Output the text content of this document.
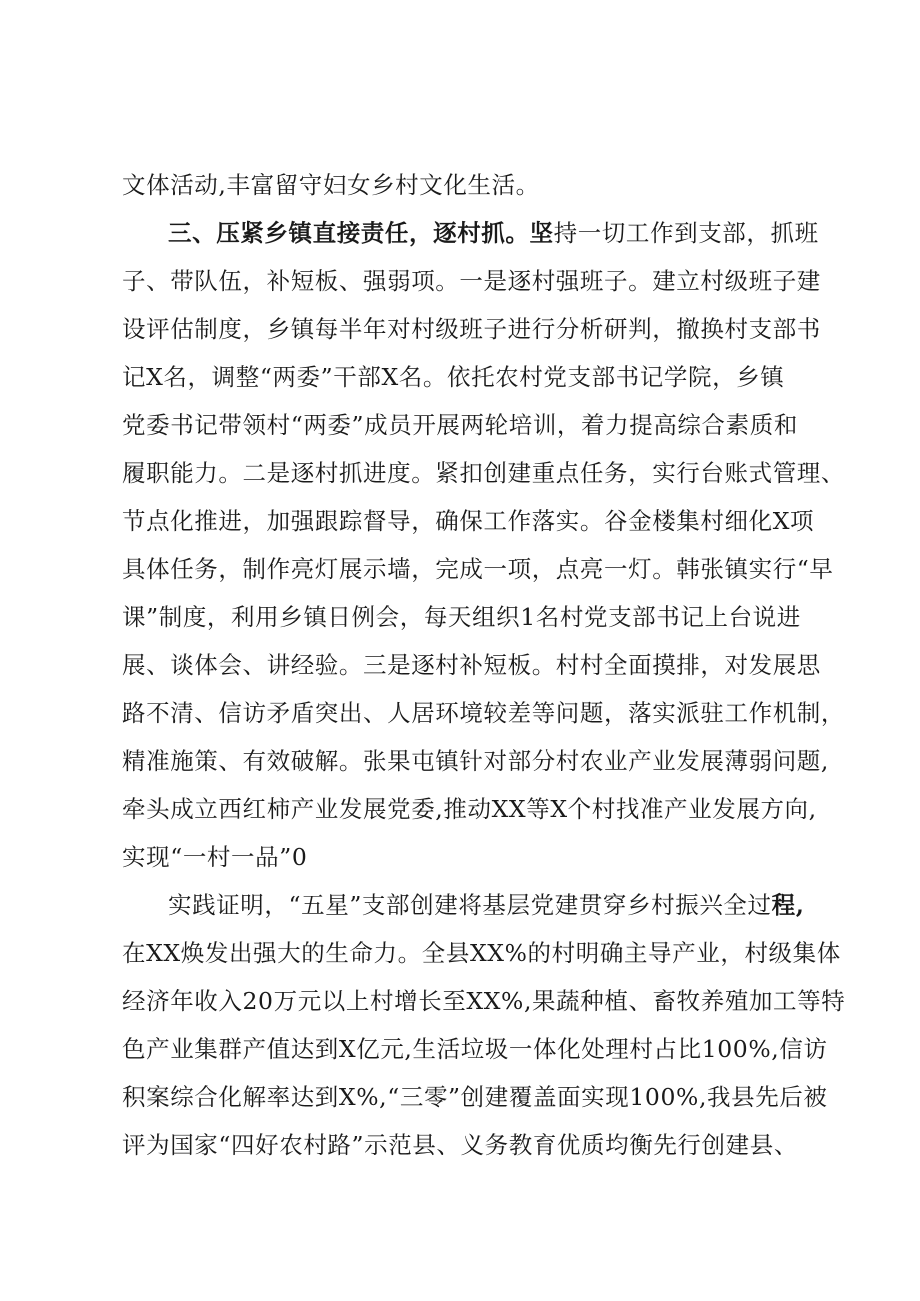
文体活动,丰富留守妇女乡村文化生活。
三、压紧乡镇直接责任，逐村抓。坚持一切工作到支部，抓班
子、带队伍，补短板、强弱项。一是逐村强班子。建立村级班子建
设评估制度，乡镇每半年对村级班子进行分析研判，撤换村支部书
记X名，调整“两委”干部X名。依托农村党支部书记学院，乡镇
党委书记带领村“两委”成员开展两轮培训，着力提高综合素质和
履职能力。二是逐村抓进度。紧扣创建重点任务，实行台账式管理、
节点化推进，加强跟踪督导，确保工作落实。谷金楼集村细化X项
具体任务，制作亮灯展示墙，完成一项，点亮一灯。韩张镇实行“早
课”制度，利用乡镇日例会，每天组织1名村党支部书记上台说进
展、谈体会、讲经验。三是逐村补短板。村村全面摸排，对发展思
路不清、信访矛盾突出、人居环境较差等问题，落实派驻工作机制，
精准施策、有效破解。张果屯镇针对部分村农业产业发展薄弱问题,
牵头成立西红柿产业发展党委,推动XX等X个村找准产业发展方向,
实现“一村一品”0
实践证明，“五星”支部创建将基层党建贯穿乡村振兴全过程,
在XX焕发出强大的生命力。全县XX%的村明确主导产业，村级集体
经济年收入20万元以上村增长至XX%,果蔬种植、畜牧养殖加工等特
色产业集群产值达到X亿元,生活垃圾一体化处理村占比100%,信访
积案综合化解率达到X%,“三零”创建覆盖面实现100%,我县先后被
评为国家“四好农村路”示范县、义务教育优质均衡先行创建县、
